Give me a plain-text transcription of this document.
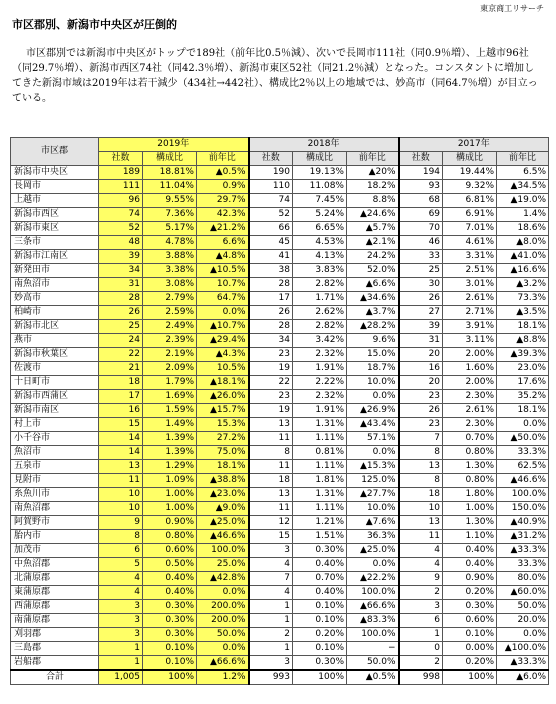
東京商工リサーチ
市区郡別、新潟市中央区が圧倒的
市区郡別では新潟市中央区がトップで189社（前年比0.5％減）、次いで長岡市111社（同0.9％増）、上越市96社（同29.7％増）、新潟市西区74社（同42.3％増）、新潟市東区52社（同21.2％減）となった。コンスタントに増加してきた新潟市域は2019年は若干減少（434社→442社）、構成比2％以上の地域では、妙高市（同64.7％増）が目立っている。
市区郡	2019年			2018年			2017年		
	社数	構成比	前年比	社数	構成比	前年比	社数	構成比	前年比
新潟市中央区	189	18.81%	▲0.5%	190	19.13%	▲20%	194	19.44%	6.5%
長岡市	111	11.04%	0.9%	110	11.08%	18.2%	93	9.32%	▲34.5%
上越市	96	9.55%	29.7%	74	7.45%	8.8%	68	6.81%	▲19.0%
新潟市西区	74	7.36%	42.3%	52	5.24%	▲24.6%	69	6.91%	1.4%
新潟市東区	52	5.17%	▲21.2%	66	6.65%	▲5.7%	70	7.01%	18.6%
三条市	48	4.78%	6.6%	45	4.53%	▲2.1%	46	4.61%	▲8.0%
新潟市江南区	39	3.88%	▲4.8%	41	4.13%	24.2%	33	3.31%	▲41.0%
新発田市	34	3.38%	▲10.5%	38	3.83%	52.0%	25	2.51%	▲16.6%
南魚沼市	31	3.08%	10.7%	28	2.82%	▲6.6%	30	3.01%	▲3.2%
妙高市	28	2.79%	64.7%	17	1.71%	▲34.6%	26	2.61%	73.3%
柏崎市	26	2.59%	0.0%	26	2.62%	▲3.7%	27	2.71%	▲3.5%
新潟市北区	25	2.49%	▲10.7%	28	2.82%	▲28.2%	39	3.91%	18.1%
燕市	24	2.39%	▲29.4%	34	3.42%	9.6%	31	3.11%	▲8.8%
新潟市秋葉区	22	2.19%	▲4.3%	23	2.32%	15.0%	20	2.00%	▲39.3%
佐渡市	21	2.09%	10.5%	19	1.91%	18.7%	16	1.60%	23.0%
十日町市	18	1.79%	▲18.1%	22	2.22%	10.0%	20	2.00%	17.6%
新潟市西蒲区	17	1.69%	▲26.0%	23	2.32%	0.0%	23	2.30%	35.2%
新潟市南区	16	1.59%	▲15.7%	19	1.91%	▲26.9%	26	2.61%	18.1%
村上市	15	1.49%	15.3%	13	1.31%	▲43.4%	23	2.30%	0.0%
小千谷市	14	1.39%	27.2%	11	1.11%	57.1%	7	0.70%	▲50.0%
魚沼市	14	1.39%	75.0%	8	0.81%	0.0%	8	0.80%	33.3%
五泉市	13	1.29%	18.1%	11	1.11%	▲15.3%	13	1.30%	62.5%
見附市	11	1.09%	▲38.8%	18	1.81%	125.0%	8	0.80%	▲46.6%
糸魚川市	10	1.00%	▲23.0%	13	1.31%	▲27.7%	18	1.80%	100.0%
南魚沼郡	10	1.00%	▲9.0%	11	1.11%	10.0%	10	1.00%	150.0%
阿賀野市	9	0.90%	▲25.0%	12	1.21%	▲7.6%	13	1.30%	▲40.9%
胎内市	8	0.80%	▲46.6%	15	1.51%	36.3%	11	1.10%	▲31.2%
加茂市	6	0.60%	100.0%	3	0.30%	▲25.0%	4	0.40%	▲33.3%
中魚沼郡	5	0.50%	25.0%	4	0.40%	0.0%	4	0.40%	33.3%
北蒲原郡	4	0.40%	▲42.8%	7	0.70%	▲22.2%	9	0.90%	80.0%
東蒲原郡	4	0.40%	0.0%	4	0.40%	100.0%	2	0.20%	▲60.0%
西蒲原郡	3	0.30%	200.0%	1	0.10%	▲66.6%	3	0.30%	50.0%
南蒲原郡	3	0.30%	200.0%	1	0.10%	▲83.3%	6	0.60%	20.0%
刈羽郡	3	0.30%	50.0%	2	0.20%	100.0%	1	0.10%	0.0%
三島郡	1	0.10%	0.0%	1	0.10%	−	0	0.00%	▲100.0%
岩船郡	1	0.10%	▲66.6%	3	0.30%	50.0%	2	0.20%	▲33.3%
合計	1,005	100%	1.2%	993	100%	▲0.5%	998	100%	▲6.0%
